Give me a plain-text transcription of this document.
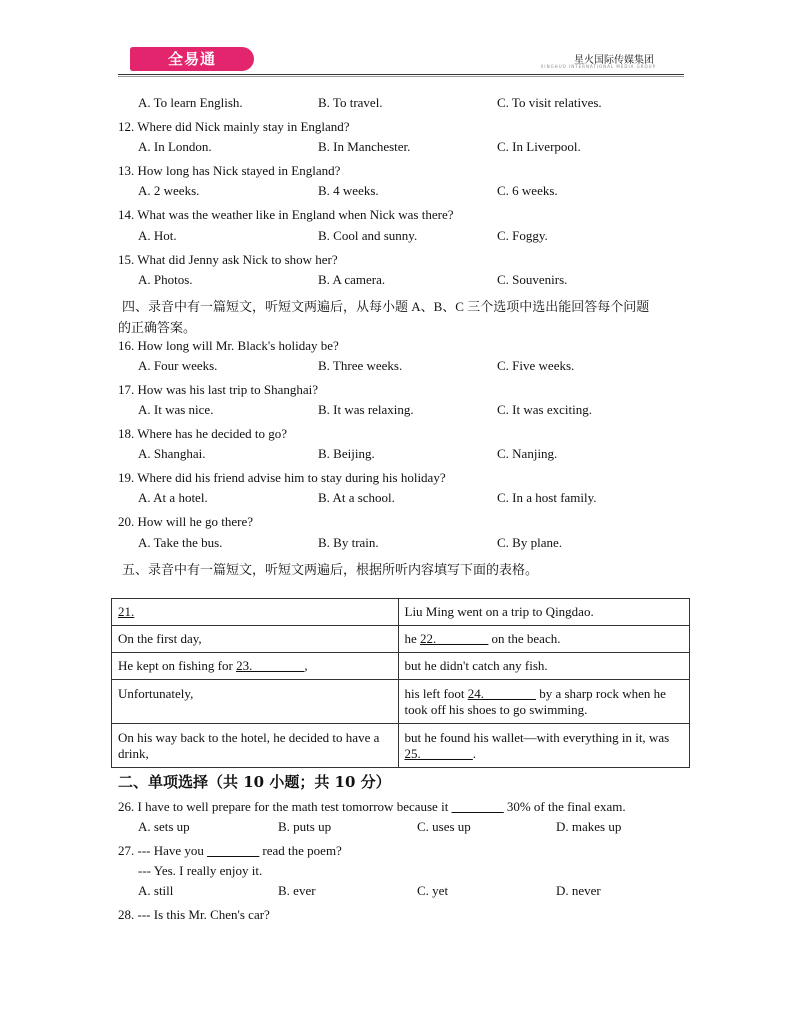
全易通	星火国际传媒集团
XINGHUO INTERNATIONAL MEDIA GROUP
A. To learn English.	B. To travel.	C. To visit relatives.
12. Where did Nick mainly stay in England?
A. In London.	B. In Manchester.	C. In Liverpool.
13. How long has Nick stayed in England?
A. 2 weeks.	B. 4 weeks.	C. 6 weeks.
14. What was the weather like in England when Nick was there?
A. Hot.	B. Cool and sunny.	C. Foggy.
15. What did Jenny ask Nick to show her?
A. Photos.	B. A camera.	C. Souvenirs.
四、录音中有一篇短文，听短文两遍后，从每小题 A、B、C 三个选项中选出能回答每个问题
的正确答案。
16. How long will Mr. Black's holiday be?
A. Four weeks.	B. Three weeks.	C. Five weeks.
17. How was his last trip to Shanghai?
A. It was nice.	B. It was relaxing.	C. It was exciting.
18. Where has he decided to go?
A. Shanghai.	B. Beijing.	C. Nanjing.
19. Where did his friend advise him to stay during his holiday?
A. At a hotel.	B. At a school.	C. In a host family.
20. How will he go there?
A. Take the bus.	B. By train.	C. By plane.
五、录音中有一篇短文，听短文两遍后，根据所听内容填写下面的表格。
21.	Liu Ming went on a trip to Qingdao.
On the first day,	he 22.________ on the beach.
He kept on fishing for 23.________,	but he didn't catch any fish.
Unfortunately,	his left foot 24.________ by a sharp rock when he took off his shoes to go swimming.
On his way back to the hotel, he decided to have a drink,	but he found his wallet—with everything in it, was 25.________.
二、单项选择（共 10 小题；共 10 分）
26. I have to well prepare for the math test tomorrow because it ________ 30% of the final exam.
A. sets up	B. puts up	C. uses up	D. makes up
27. --- Have you ________ read the poem?
--- Yes. I really enjoy it.
A. still	B. ever	C. yet	D. never
28. --- Is this Mr. Chen's car?
